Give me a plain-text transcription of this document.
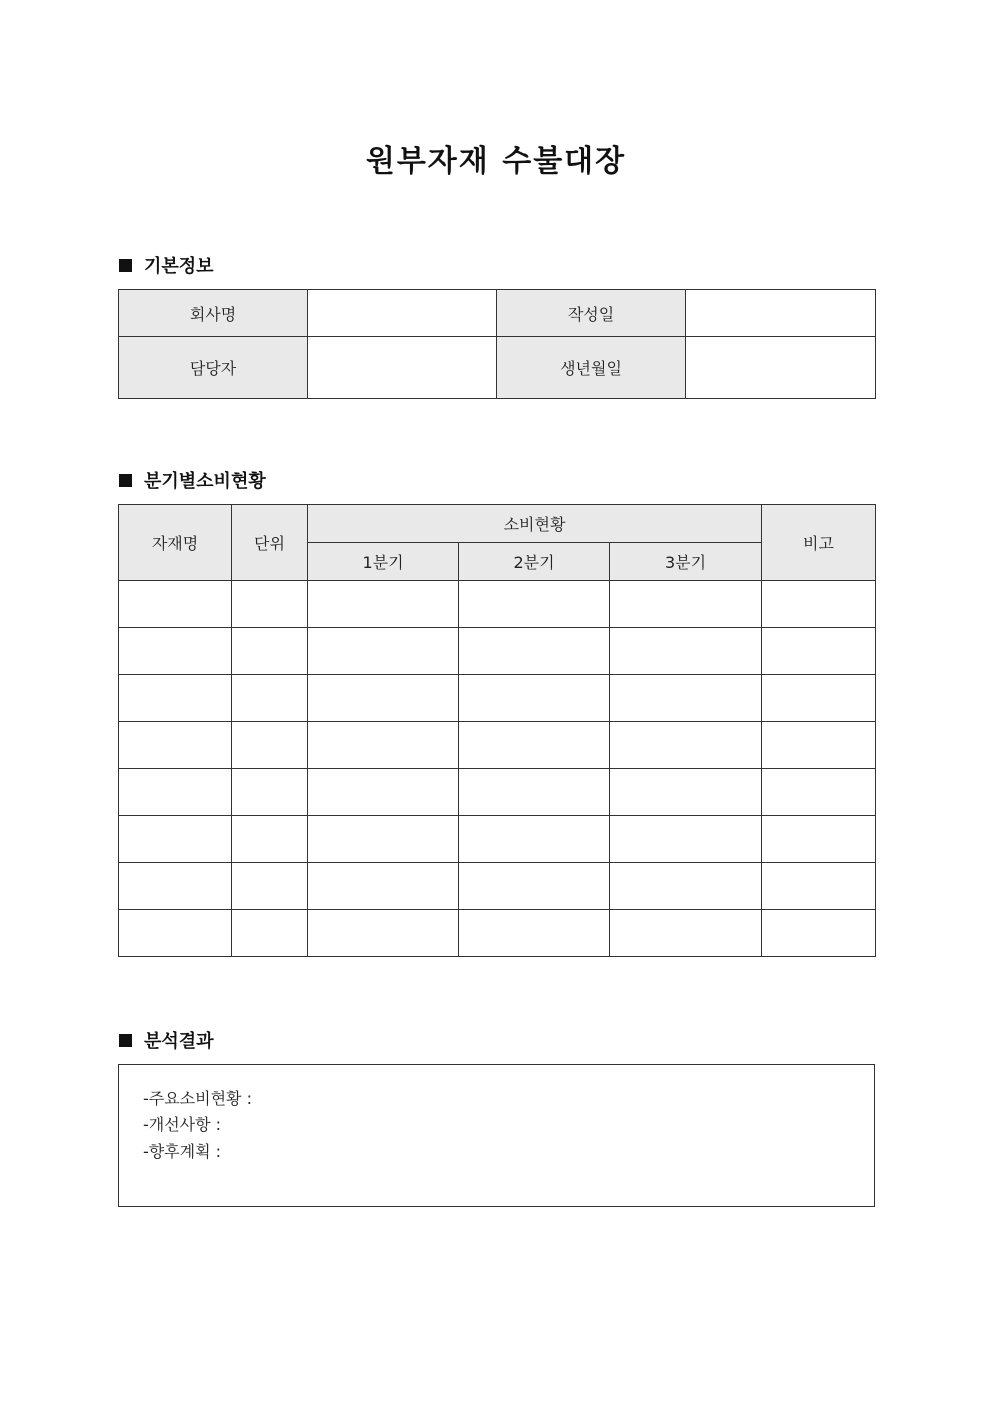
원부자재 수불대장
기본정보
회사명		작성일	
담당자		생년월일	
분기별소비현황
자재명	단위	소비현황			비고
		1분기	2분기	3분기	

분석결과
-주요소비현황 :
-개선사항 :
-향후계획 :
